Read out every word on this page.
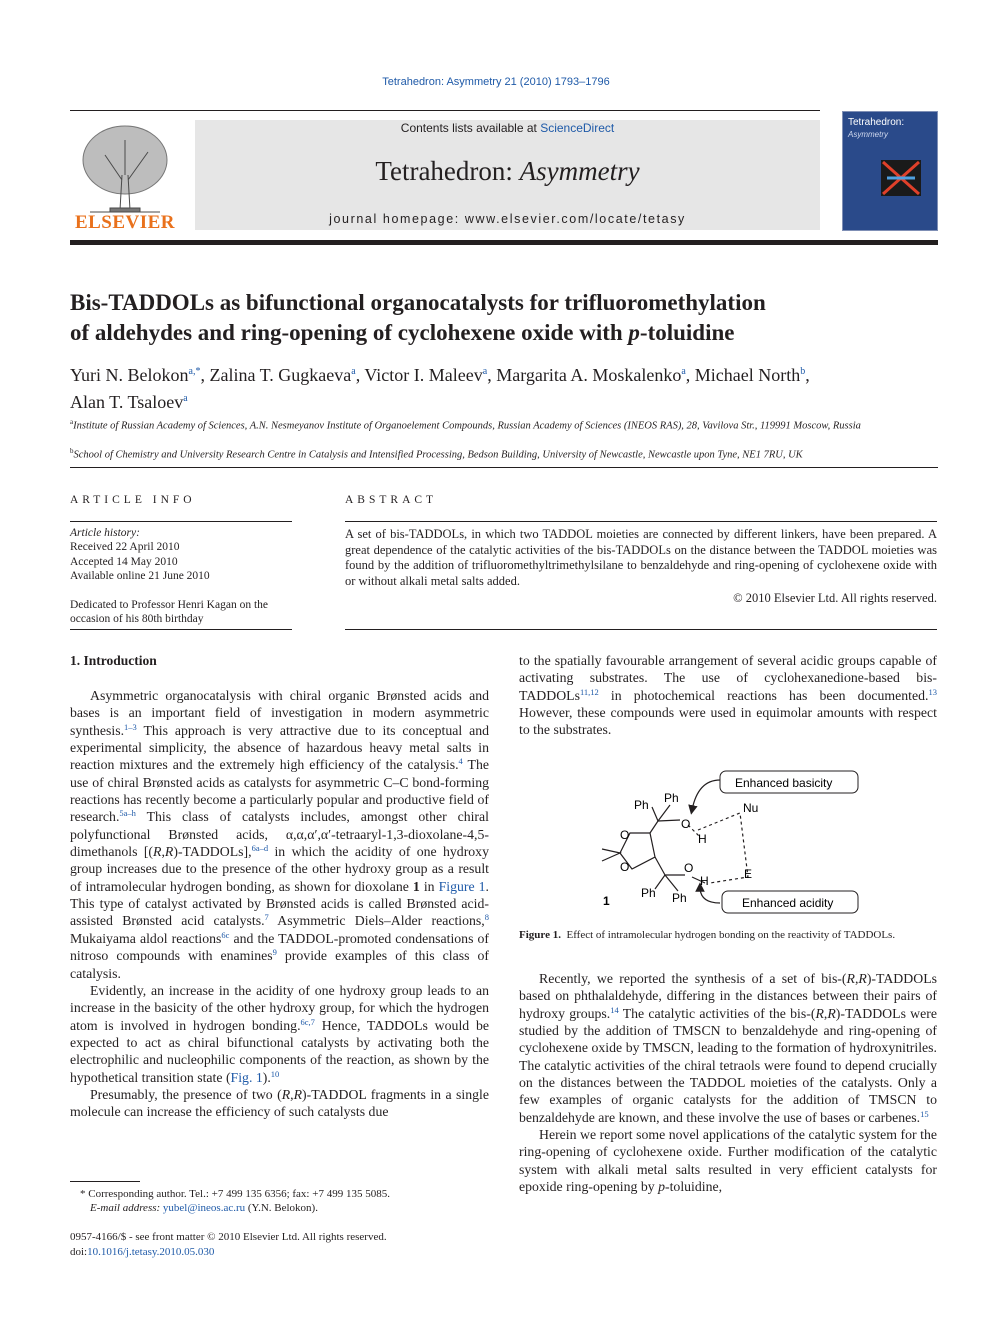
Tetrahedron: Asymmetry 21 (2010) 1793–1796
ELSEVIER
Contents lists available at ScienceDirect
Tetrahedron: Asymmetry
journal homepage: www.elsevier.com/locate/tetasy
Tetrahedron:
Asymmetry
Bis-TADDOLs as bifunctional organocatalysts for trifluoromethylation
of aldehydes and ring-opening of cyclohexene oxide with p-toluidine
Yuri N. Belokon$^{a,*}$, Zalina T. Gugkaeva$^a$, Victor I. Maleev$^a$, Margarita A. Moskalenko$^a$, Michael North$^b$,
Alan T. Tsaloev$^a$
$^a$Institute of Russian Academy of Sciences, A.N. Nesmeyanov Institute of Organoelement Compounds, Russian Academy of Sciences (INEOS RAS), 28, Vavilova Str., 119991 Moscow, Russia
$^b$School of Chemistry and University Research Centre in Catalysis and Intensified Processing, Bedson Building, University of Newcastle, Newcastle upon Tyne, NE1 7RU, UK
ARTICLE INFO
Article history:
Received 22 April 2010
Accepted 14 May 2010
Available online 21 June 2010
Dedicated to Professor Henri Kagan on the occasion of his 80th birthday
ABSTRACT
A set of bis-TADDOLs, in which two TADDOL moieties are connected by different linkers, have been prepared. A great dependence of the catalytic activities of the bis-TADDOLs on the distance between the TADDOL moieties was found by the addition of trifluoromethyltrimethylsilane to benzaldehyde and ring-opening of cyclohexene oxide with or without alkali metal salts added.
© 2010 Elsevier Ltd. All rights reserved.
1. Introduction

Asymmetric organocatalysis with chiral organic Brønsted acids and bases is an important field of investigation in modern asymmetric synthesis.$^{1-3}$ This approach is very attractive due to its conceptual and experimental simplicity, the absence of hazardous heavy metal salts in reaction mixtures and the extremely high efficiency of the catalysis.$^4$ The use of chiral Brønsted acids as catalysts for asymmetric C–C bond-forming reactions has recently become a particularly popular and productive field of research.$^{5a-h}$ This class of catalysts includes, amongst other chiral polyfunctional Brønsted acids, α,α,α′,α′-tetraaryl-1,3-dioxolane-4,5-dimethanols [(R,R)-TADDOLs],$^{6a-d}$ in which the acidity of one hydroxy group increases due to the presence of the other hydroxy group as a result of intramolecular hydrogen bonding, as shown for dioxolane 1 in Figure 1. This type of catalyst activated by Brønsted acids is called Brønsted acid-assisted Brønsted acid catalysts.$^7$ Asymmetric Diels–Alder reactions,$^8$ Mukaiyama aldol reactions$^{6c}$ and the TADDOL-promoted condensations of nitroso compounds with enamines$^9$ provide examples of this class of catalysis.

Evidently, an increase in the acidity of one hydroxy group leads to an increase in the basicity of the other hydroxy group, for which the hydrogen atom is involved in hydrogen bonding.$^{6c,7}$ Hence, TADDOLs would be expected to act as chiral bifunctional catalysts by activating both the electrophilic and nucleophilic components of the reaction, as shown by the hypothetical transition state (Fig. 1).$^{10}$

Presumably, the presence of two (R,R)-TADDOL fragments in a single molecule can increase the efficiency of such catalysts due

to the spatially favourable arrangement of several acidic groups capable of activating substrates. The use of cyclohexanedione-based bis-TADDOLs$^{11,12}$ in photochemical reactions has been documented.$^{13}$ However, these compounds were used in equimolar amounts with respect to the substrates.

Enhanced basicity
Enhanced acidity
Ph Ph
O
Nu
H
O
O	O
H	E
Ph Ph
1
Figure 1. Effect of intramolecular hydrogen bonding on the reactivity of TADDOLs.

Recently, we reported the synthesis of a set of bis-(R,R)-TADDOLs based on phthalaldehyde, differing in the distances between their pairs of hydroxy groups.$^{14}$ The catalytic activities of the bis-(R,R)-TADDOLs were studied by the addition of TMSCN to benzaldehyde and ring-opening of cyclohexene oxide by TMSCN, leading to the formation of hydroxynitriles. The catalytic activities of the chiral tetraols were found to depend crucially on the distances between the TADDOL moieties of the catalysts. Only a few examples of organic catalysts for the addition of TMSCN to benzaldehyde are known, and these involve the use of bases or carbenes.$^{15}$

Herein we report some novel applications of the catalytic system for the ring-opening of cyclohexene oxide. Further modification of the catalytic system with alkali metal salts resulted in very efficient catalysts for epoxide ring-opening by p-toluidine,

* Corresponding author. Tel.: +7 499 135 6356; fax: +7 499 135 5085.
E-mail address: yubel@ineos.ac.ru (Y.N. Belokon).
0957-4166/$ - see front matter © 2010 Elsevier Ltd. All rights reserved.
doi:10.1016/j.tetasy.2010.05.030
